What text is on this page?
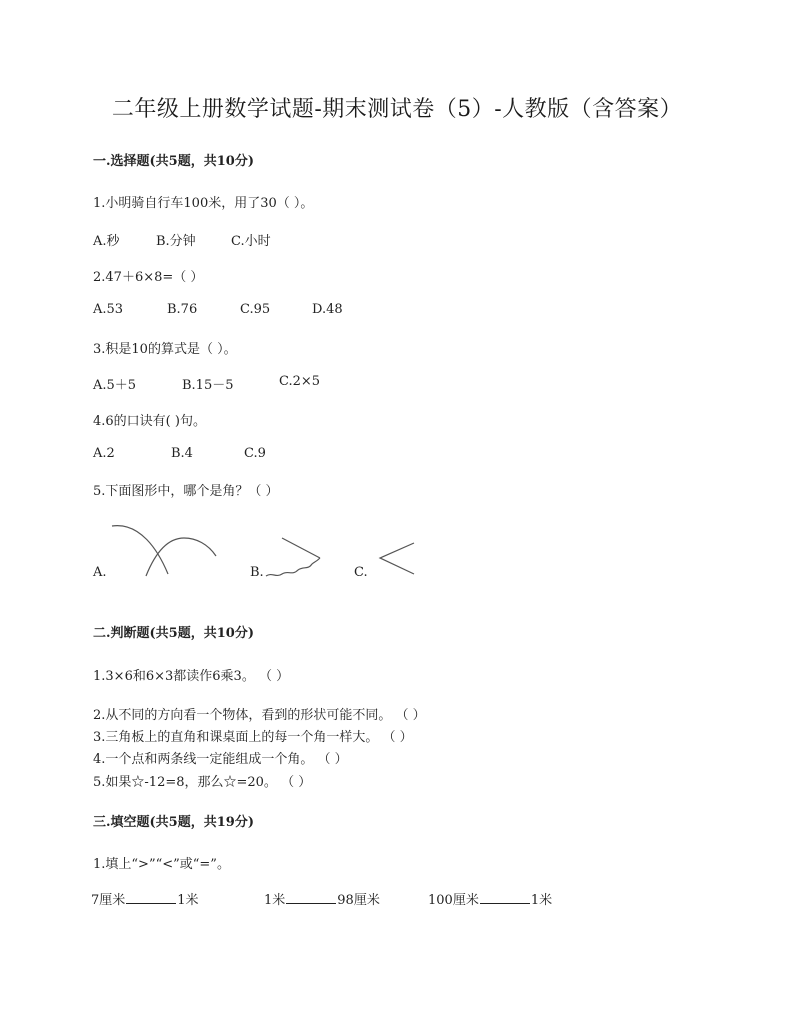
二年级上册数学试题-期末测试卷（5）-人教版（含答案）
一.选择题(共5题，共10分)
1.小明骑自行车100米，用了30（ ）。
A.秒	B.分钟	C.小时
2.47＋6×8=（ ）
A.53	B.76	C.95	D.48
3.积是10的算式是（ ）。
A.5＋5	B.15－5	C.2×5
4.6的口诀有( )句。
A.2	B.4	C.9
5.下面图形中，哪个是角？（ ）
A.	B.	C.
二.判断题(共5题，共10分)
1.3×6和6×3都读作6乘3。 （ ）
2.从不同的方向看一个物体，看到的形状可能不同。 （ ）
3.三角板上的直角和课桌面上的每一个角一样大。 （ ）
4.一个点和两条线一定能组成一个角。 （ ）
5.如果☆-12=8，那么☆=20。 （ ）
三.填空题(共5题，共19分)
1.填上“>”“<”或“=”。
7厘米	1米	1米	98厘米	100厘米	1米
